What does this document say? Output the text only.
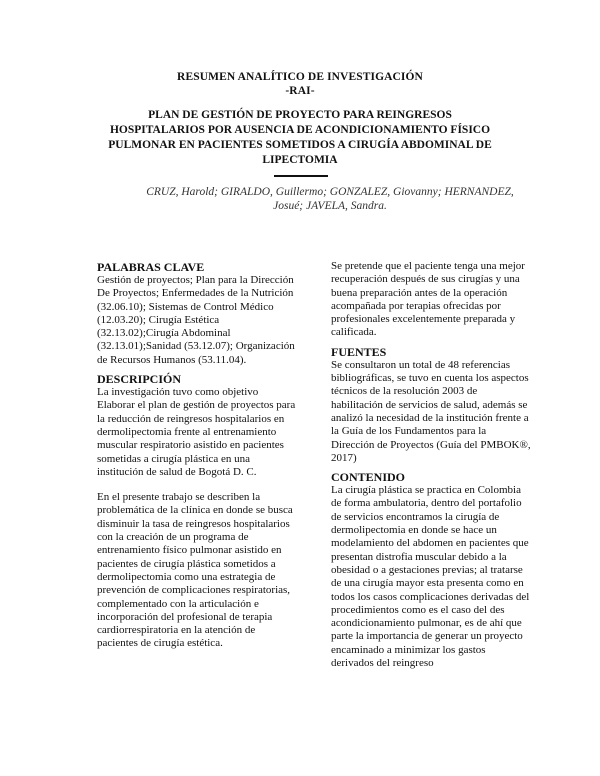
RESUMEN ANALÍTICO DE INVESTIGACIÓN
-RAI-
PLAN DE GESTIÓN DE PROYECTO PARA REINGRESOS HOSPITALARIOS POR AUSENCIA DE ACONDICIONAMIENTO FÍSICO PULMONAR EN PACIENTES SOMETIDOS A CIRUGÍA ABDOMINAL DE LIPECTOMIA
CRUZ, Harold; GIRALDO, Guillermo; GONZALEZ, Giovanny; HERNANDEZ, Josué; JAVELA, Sandra.
PALABRAS CLAVE

Gestión de proyectos; Plan para la Dirección De Proyectos; Enfermedades de la Nutrición (32.06.10); Sistemas de Control Médico (12.03.20); Cirugía Estética (32.13.02);Cirugía Abdominal (32.13.01);Sanidad (53.12.07); Organización de Recursos Humanos (53.11.04).

DESCRIPCIÓN

La investigación tuvo como objetivo Elaborar el plan de gestión de proyectos para la reducción de reingresos hospitalarios en dermolipectomia frente al entrenamiento muscular respiratorio asistido en pacientes sometidas a cirugía plástica en una institución de salud de Bogotá D. C.

En el presente trabajo se describen la problemática de la clínica en donde se busca disminuir la tasa de reingresos hospitalarios con la creación de un programa de entrenamiento físico pulmonar asistido en pacientes de cirugía plástica sometidos a dermolipectomia como una estrategia de prevención de complicaciones respiratorias, complementado con la articulación e incorporación del profesional de terapia cardiorrespiratoria en la atención de pacientes de cirugía estética.

Se pretende que el paciente tenga una mejor recuperación después de sus cirugías y una buena preparación antes de la operación acompañada por terapias ofrecidas por profesionales excelentemente preparada y calificada.

FUENTES

Se consultaron un total de 48 referencias bibliográficas, se tuvo en cuenta los aspectos técnicos de la resolución 2003 de habilitación de servicios de salud, además se analizó la necesidad de la institución frente a la Guía de los Fundamentos para la Dirección de Proyectos (Guía del PMBOK®, 2017)

CONTENIDO

La cirugía plástica se practica en Colombia de forma ambulatoria, dentro del portafolio de servicios encontramos la cirugía de dermolipectomia en donde se hace un modelamiento del abdomen en pacientes que presentan distrofia muscular debido a la obesidad o a gestaciones previas; al tratarse de una cirugía mayor esta presenta como en todos los casos complicaciones derivadas del procedimientos como es el caso del des acondicionamiento pulmonar, es de ahí que parte la importancia de generar un proyecto encaminado a minimizar los gastos derivados del reingreso
